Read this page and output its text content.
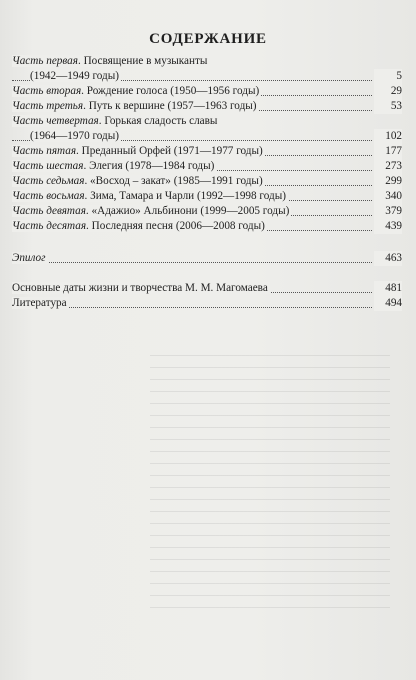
СОДЕРЖАНИЕ
Часть первая. Посвящение в музыканты
(1942—1949 годы)	5
Часть вторая. Рождение голоса (1950—1956 годы)	29
Часть третья. Путь к вершине (1957—1963 годы)	53
Часть четвертая. Горькая сладость славы
(1964—1970 годы)	102
Часть пятая. Преданный Орфей (1971—1977 годы)	177
Часть шестая. Элегия (1978—1984 годы)	273
Часть седьмая. «Восход – закат» (1985—1991 годы)	299
Часть восьмая. Зима, Тамара и Чарли (1992—1998 годы)	340
Часть девятая. «Адажио» Альбинони (1999—2005 годы)	379
Часть десятая. Последняя песня (2006—2008 годы)	439
Эпилог	463
Основные даты жизни и творчества М. М. Магомаева	481
Литература	494
